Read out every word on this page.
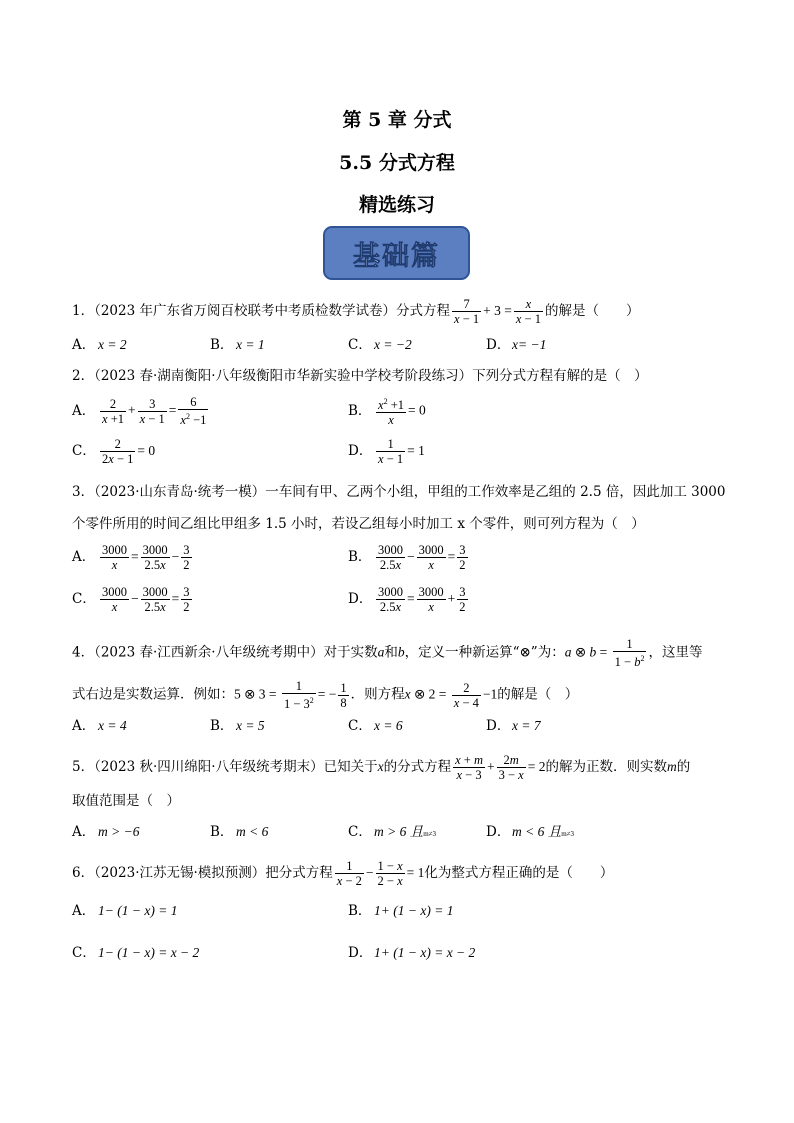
第 5 章 分式
5.5 分式方程
精选练习
基础篇
1．（2023 年广东省万阅百校联考中考质检数学试卷）分式方程 $\frac{7}{x - 1} + 3 = \frac{x}{x - 1}$ 的解是（　　）
A． x = 2	B． x = 1	C． x = −2	D． x= −1
2．（2023 春·湖南衡阳·八年级衡阳市华新实验中学校考阶段练习）下列分式方程有解的是（　）
A． $\frac{2}{x +1} + \frac{3}{x - 1} = \frac{6}{x^2 -1}$	B． $\frac{x^2 +1}{x} = 0$
C． $\frac{2}{2x - 1} = 0$	D． $\frac{1}{x - 1} = 1$
3．（2023·山东青岛·统考一模）一车间有甲、乙两个小组，甲组的工作效率是乙组的 2.5 倍，因此加工 3000
个零件所用的时间乙组比甲组多 1.5 小时，若设乙组每小时加工 x 个零件，则可列方程为（　）
A． $\frac{3000}{x} = \frac{3000}{2.5x} - \frac{3}{2}$	B． $\frac{3000}{2.5x} - \frac{3000}{x} = \frac{3}{2}$
C． $\frac{3000}{x} - \frac{3000}{2.5x} = \frac{3}{2}$	D． $\frac{3000}{2.5x} = \frac{3000}{x} + \frac{3}{2}$
4．（2023 春·江西新余·八年级统考期中）对于实数a和b，定义一种新运算“⊗”为：a ⊗ $b = \frac{1}{1 - b^2}$ ，这里等
式右边是实数运算．例如：5 ⊗ $3 = \frac{1}{1 - 3^2}$ = − $\frac{1}{8}$ ．则方程x ⊗ $2 = \frac{2}{x - 4} -1$的解是（　）
A． x = 4	B． x = 5	C． x = 6	D． x = 7
5．（2023 秋·四川绵阳·八年级统考期末）已知关于x的分式方程 $\frac{x + m}{x - 3} + \frac{2m}{3 - x} = 2$的解为正数．则实数m的
取值范围是（　）
A． m > −6	B． m < 6	C． m > 6 且m≠3	D． m < 6 且m≠3
6．（2023·江苏无锡·模拟预测）把分式方程 $\frac{1}{x - 2} - \frac{1 - x}{2 - x} = 1$化为整式方程正确的是（　　）
A． 1− (1 − x) = 1	B． 1+ (1 − x) = 1
C． 1− (1 − x) = x − 2	D． 1+ (1 − x) = x − 2
